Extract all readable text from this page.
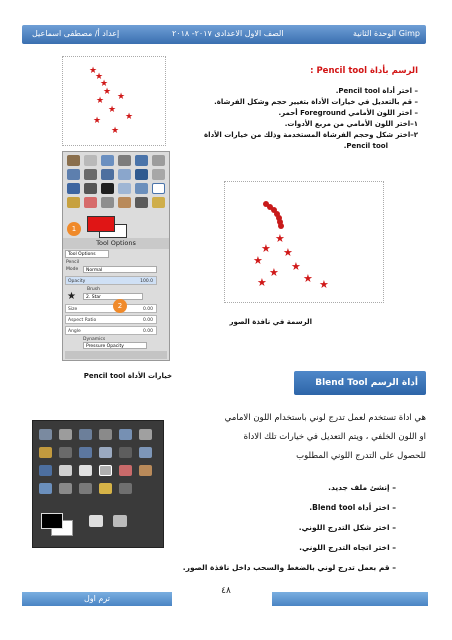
الوحدة الثانية Gimp
الصف الاول الاعدادى ٢٠١٧- ٢٠١٨
إعداد أ/ مصطفى اسماعيل
★
★
★
★
★ ★
★
★
★
★
الرسم بأداة Pencil tool :
– اختر أداة Pencil tool.
– قم بالتعديل في خيارات الأداة بتغيير حجم وشكل الفرشاة.
– اختر اللون الأمامي Foreground أحمر.
١–اختر اللون الأمامي من مربع الأدوات.
٢–اختر شكل وحجم الفرشاة المستخدمة وذلك من خيارات الأداة
Pencil tool.
1
Tool Options
Tool Options
Pencil
Mode	Normal
Opacity	100.0
Brush
★	2. Star
Size	0.00
2
Aspect Ratio	0.00
Angle	0.00
Dynamics
Pressure Opacity
خيارات الأداة Pencil tool
★
★ ★
★	★
★
★	★ ★
الرسمة في نافذة الصور
أداة الرسم Blend Tool
هي اداة تستخدم لعمل تدرج لوني باستخدام اللون الامامي
او اللون الخلفي ، ويتم التعديل في خيارات تلك الاداة
للحصول على التدرج اللوني المطلوب
– إنشئ ملف جديد.
– اختر أداة Blend tool.
– اختر شكل التدرج اللوني.
– اختر اتجاه التدرج اللوني.
– قم بعمل تدرج لوني بالضغط والسحب داخل نافذة الصور.
ترم اول
٤٨
